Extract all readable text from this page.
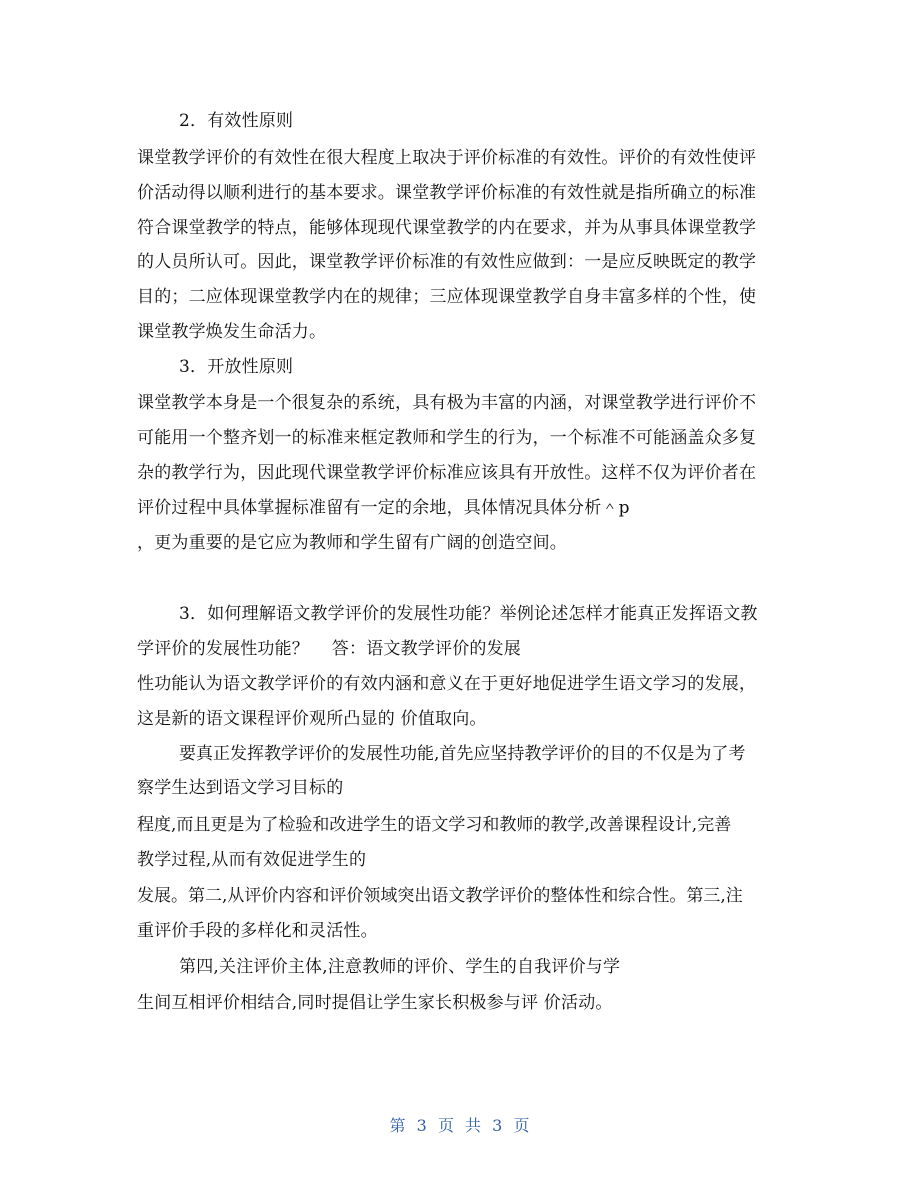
2．有效性原则
课堂教学评价的有效性在很大程度上取决于评价标准的有效性。评价的有效性使评
价活动得以顺利进行的基本要求。课堂教学评价标准的有效性就是指所确立的标准
符合课堂教学的特点，能够体现现代课堂教学的内在要求，并为从事具体课堂教学
的人员所认可。因此，课堂教学评价标准的有效性应做到：一是应反映既定的教学
目的；二应体现课堂教学内在的规律；三应体现课堂教学自身丰富多样的个性，使
课堂教学焕发生命活力。
3．开放性原则
课堂教学本身是一个很复杂的系统，具有极为丰富的内涵，对课堂教学进行评价不
可能用一个整齐划一的标准来框定教师和学生的行为，一个标准不可能涵盖众多复
杂的教学行为，因此现代课堂教学评价标准应该具有开放性。这样不仅为评价者在
评价过程中具体掌握标准留有一定的余地，具体情况具体分析＾p
，更为重要的是它应为教师和学生留有广阔的创造空间。
3．如何理解语文教学评价的发展性功能？举例论述怎样才能真正发挥语文教
学评价的发展性功能？　 答：语文教学评价的发展
性功能认为语文教学评价的有效内涵和意义在于更好地促进学生语文学习的发展，
这是新的语文课程评价观所凸显的 价值取向。
要真正发挥教学评价的发展性功能,首先应坚持教学评价的目的不仅是为了考
察学生达到语文学习目标的
程度,而且更是为了检验和改进学生的语文学习和教师的教学,改善课程设计,完善
教学过程,从而有效促进学生的
发展。第二,从评价内容和评价领域突出语文教学评价的整体性和综合性。第三,注
重评价手段的多样化和灵活性。
第四,关注评价主体,注意教师的评价、学生的自我评价与学
生间互相评价相结合,同时提倡让学生家长积极参与评 价活动。
第 3 页 共 3 页
